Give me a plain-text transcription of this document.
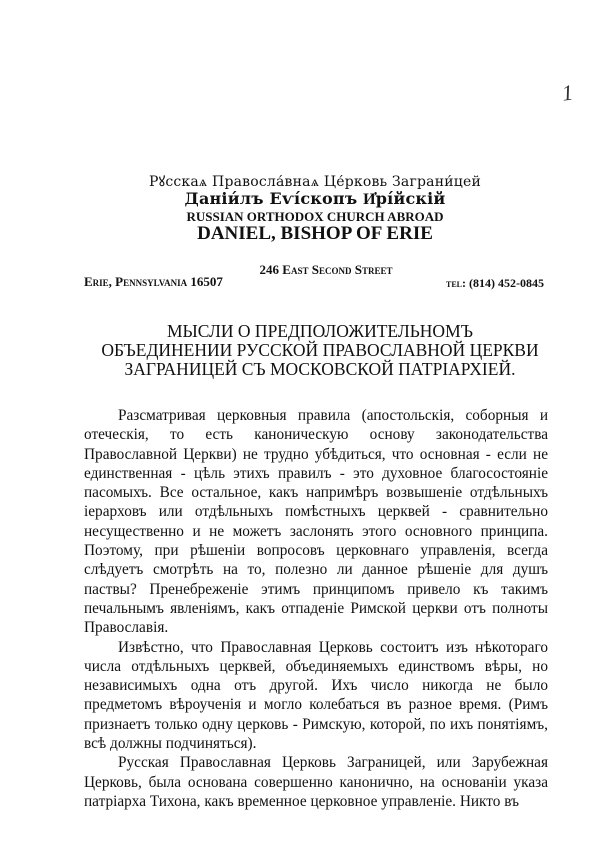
1
Рꙋсскаѧ Правосла́внаѧ Це́рковь Заграни́цей
Даніи́лъ Еѵі́скопъ И҆рі́йскій
RUSSIAN ORTHODOX CHURCH ABROAD
DANIEL, BISHOP OF ERIE
246 East Second Street
Erie, Pennsylvania 16507	tel: (814) 452-0845
МЫСЛИ О ПРЕДПОЛОЖИТЕЛЬНОМЪ ОБЪЕДИНЕНИИ РУССКОЙ ПРАВОСЛАВНОЙ ЦЕРКВИ ЗАГРАНИЦЕЙ СЪ МОСКОВСКОЙ ПАТРІАРХІЕЙ.

Разсматривая церковныя правила (апостольскія, соборныя и отеческія, то есть каноническую основу законодательства Православной Церкви) не трудно убѣдиться, что основная - если не единственная - цѣль этихъ правилъ - это духовное благосостояніе пасомыхъ. Все остальное, какъ напримѣръ возвышеніе отдѣльныхъ іерарховъ или отдѣльныхъ помѣстныхъ церквей - сравнительно несущественно и не можетъ заслонять этого основного принципа. Поэтому, при рѣшеніи вопросовъ церковнаго управленія, всегда слѣдуетъ смотрѣть на то, полезно ли данное рѣшеніе для душъ паствы? Пренебреженіе этимъ принципомъ привело къ такимъ печальнымъ явленіямъ, какъ отпаденіе Римской церкви отъ полноты Православія.

Извѣстно, что Православная Церковь состоитъ изъ нѣкотораго числа отдѣльныхъ церквей, объединяемыхъ единствомъ вѣры, но независимыхъ одна отъ другой. Ихъ число никогда не было предметомъ вѣроученія и могло колебаться въ разное время. (Римъ признаетъ только одну церковь - Римскую, которой, по ихъ понятіямъ, всѣ должны подчиняться).

Русская Православная Церковь Заграницей, или Зарубежная Церковь, была основана совершенно канонично, на основаніи указа патріарха Тихона, какъ временное церковное управленіе. Никто въ
